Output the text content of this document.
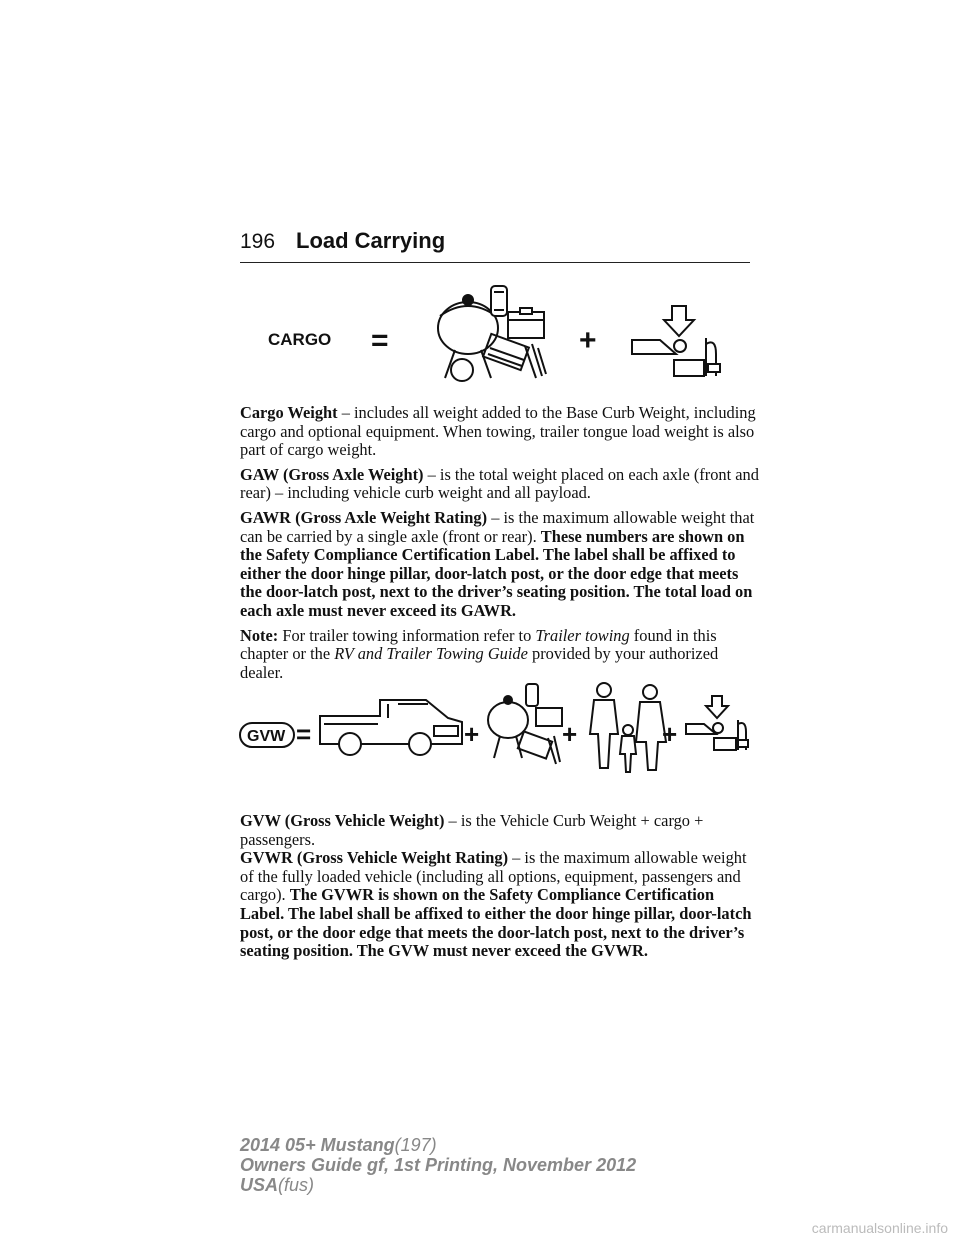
196 Load Carrying
CARGO =	+

Cargo Weight – includes all weight added to the Base Curb Weight, including cargo and optional equipment. When towing, trailer tongue load weight is also part of cargo weight.

GAW (Gross Axle Weight) – is the total weight placed on each axle (front and rear) – including vehicle curb weight and all payload.

GAWR (Gross Axle Weight Rating) – is the maximum allowable weight that can be carried by a single axle (front or rear). These numbers are shown on the Safety Compliance Certification Label. The label shall be affixed to either the door hinge pillar, door-latch post, or the door edge that meets the door-latch post, next to the driver’s seating position. The total load on each axle must never exceed its GAWR.

Note: For trailer towing information refer to Trailer towing found in this chapter or the RV and Trailer Towing Guide provided by your authorized dealer.

GVW =	+	+	+

GVW (Gross Vehicle Weight) – is the Vehicle Curb Weight + cargo + passengers.

GVWR (Gross Vehicle Weight Rating) – is the maximum allowable weight of the fully loaded vehicle (including all options, equipment, passengers and cargo). The GVWR is shown on the Safety Compliance Certification Label. The label shall be affixed to either the door hinge pillar, door-latch post, or the door edge that meets the door-latch post, next to the driver’s seating position. The GVW must never exceed the GVWR.

2014 05+ Mustang(197)
Owners Guide gf, 1st Printing, November 2012
USA(fus)
carmanualsonline.info
